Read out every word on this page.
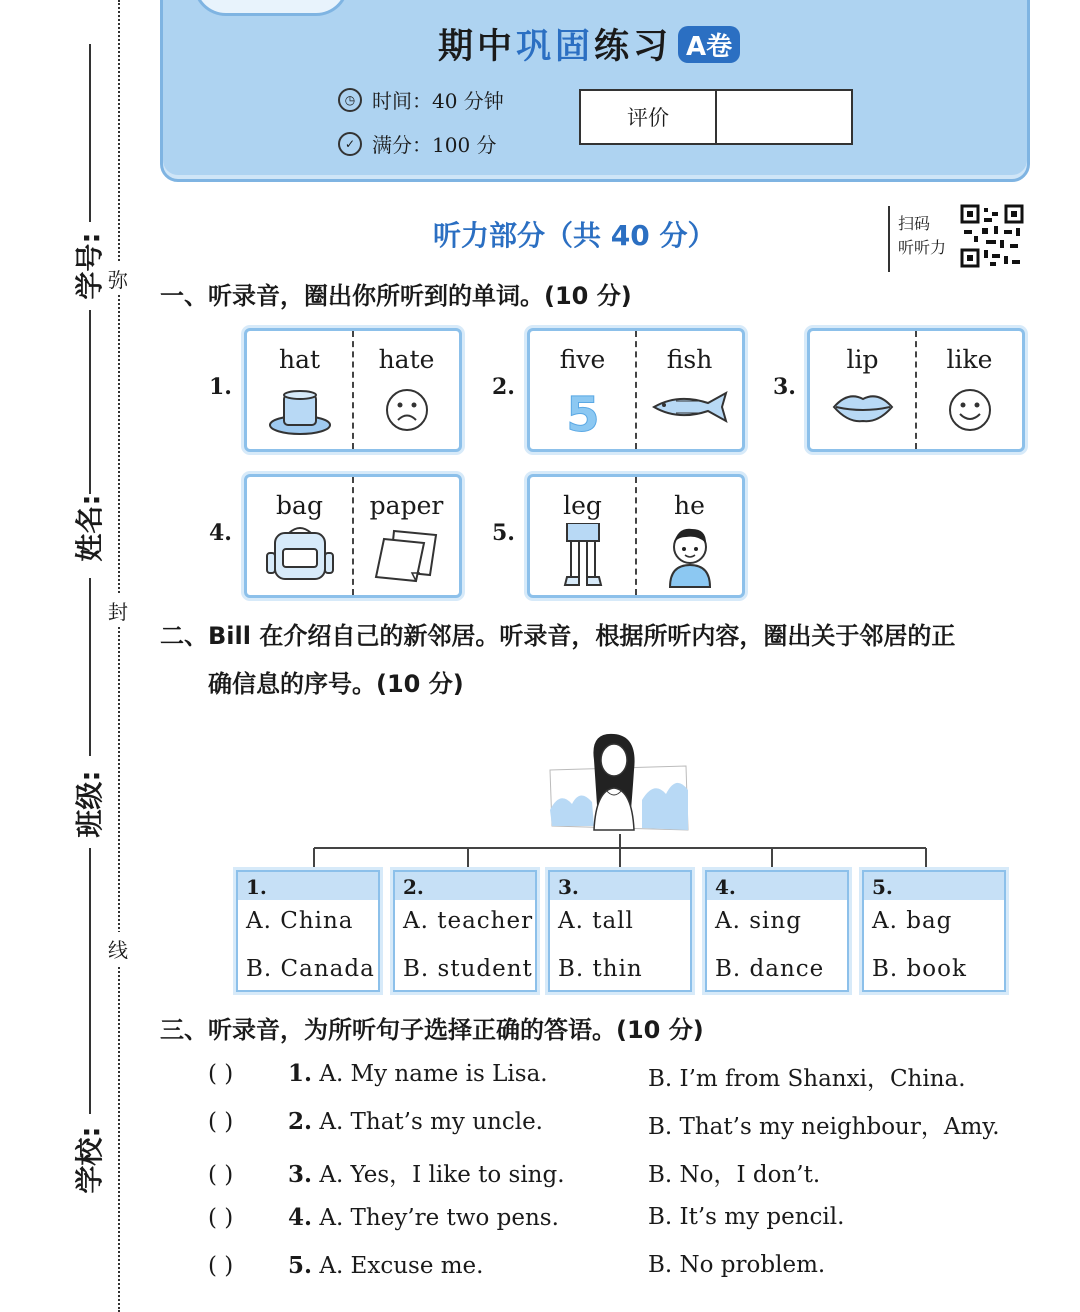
弥
封
线
学号:
姓名:
班级:
学校:
期中巩固练习 A卷
◷ 时间：40 分钟
✓ 满分：100 分
评价
听力部分（共 40 分）	扫码
听听力
一、听录音，圈出你所听到的单词。(10 分)
1.
hat	hate
2.
five
5
fish
3.
lip	like
4.
bag	paper
5.
leg	he
二、Bill 在介绍自己的新邻居。听录音，根据所听内容，圈出关于邻居的正
确信息的序号。(10 分)
1.
A. China
B. Canada
2.
A. teacher
B. student
3.
A. tall
B. thin
4.
A. sing
B. dance
5.
A. bag
B. book
三、听录音，为所听句子选择正确的答语。(10 分)
( ) 1. A. My name is Lisa.	B. I’m from Shanxi，China.
( ) 2. A. That’s my uncle.	B. That’s my neighbour，Amy.
( ) 3. A. Yes，I like to sing.	B. No，I don’t.
( ) 4. A. They’re two pens.	B. It’s my pencil.
( ) 5. A. Excuse me.	B. No problem.
